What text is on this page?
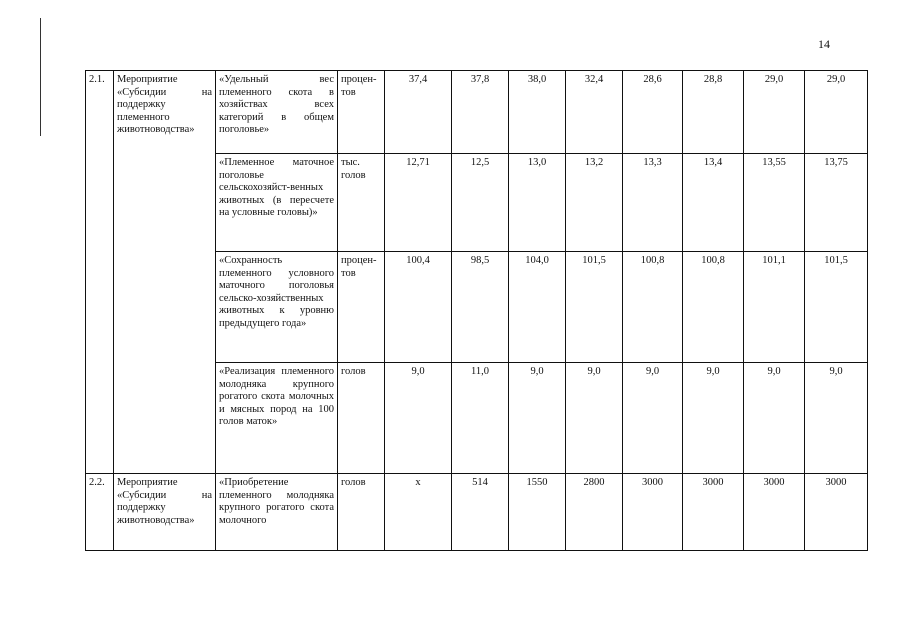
14
2.1.	Мероприятие «Субсидии на поддержку племенного животноводства»	«Удельный вес племенного скота в хозяйствах всех категорий в общем поголовье»	процен-тов	37,4	37,8	38,0	32,4	28,6	28,8	29,0	29,0
		«Племенное маточное поголовье сельскохозяйст-венных животных (в пересчете на условные головы)»	тыс. голов	12,71	12,5	13,0	13,2	13,3	13,4	13,55	13,75
		«Сохранность племенного условного маточного поголовья сельско-хозяйственных животных к уровню предыдущего года»	процен-тов	100,4	98,5	104,0	101,5	100,8	100,8	101,1	101,5
		«Реализация племенного молодняка крупного рогатого скота молочных и мясных пород на 100 голов маток»	голов	9,0	11,0	9,0	9,0	9,0	9,0	9,0	9,0
2.2.	Мероприятие «Субсидии на поддержку животноводства»	«Приобретение племенного молодняка крупного рогатого скота молочного	голов	х	514	1550	2800	3000	3000	3000	3000
